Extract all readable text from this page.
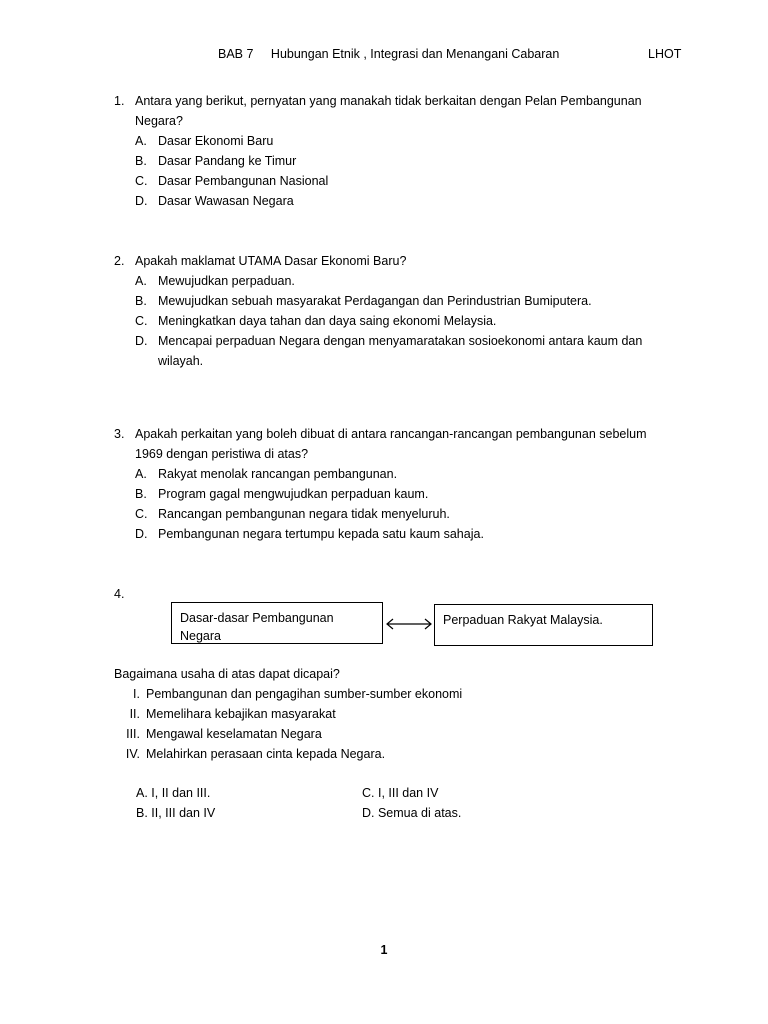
BAB 7 Hubungan Etnik , Integrasi dan Menangani Cabaran	LHOT
1. Antara yang berikut, pernyatan yang manakah tidak berkaitan dengan Pelan Pembangunan Negara?
A. Dasar Ekonomi Baru
B. Dasar Pandang ke Timur
C. Dasar Pembangunan Nasional
D. Dasar Wawasan Negara
2. Apakah maklamat UTAMA Dasar Ekonomi Baru?
A. Mewujudkan perpaduan.
B. Mewujudkan sebuah masyarakat Perdagangan dan Perindustrian Bumiputera.
C. Meningkatkan daya tahan dan daya saing ekonomi Melaysia.
D. Mencapai perpaduan Negara dengan menyamaratakan sosioekonomi antara kaum dan wilayah.
3. Apakah perkaitan yang boleh dibuat di antara rancangan-rancangan pembangunan sebelum 1969 dengan peristiwa di atas?
A. Rakyat menolak rancangan pembangunan.
B. Program gagal mengwujudkan perpaduan kaum.
C. Rancangan pembangunan negara tidak menyeluruh.
D. Pembangunan negara tertumpu kepada satu kaum sahaja.
4.
Dasar-dasar Pembangunan Negara
Perpaduan Rakyat Malaysia.
Bagaimana usaha di atas dapat dicapai?
I. Pembangunan dan pengagihan sumber-sumber ekonomi
II. Memelihara kebajikan masyarakat
III. Mengawal keselamatan Negara
IV. Melahirkan perasaan cinta kepada Negara.
A. I, II dan III.
B. II, III dan IV
C. I, III dan IV
D. Semua di atas.
1
